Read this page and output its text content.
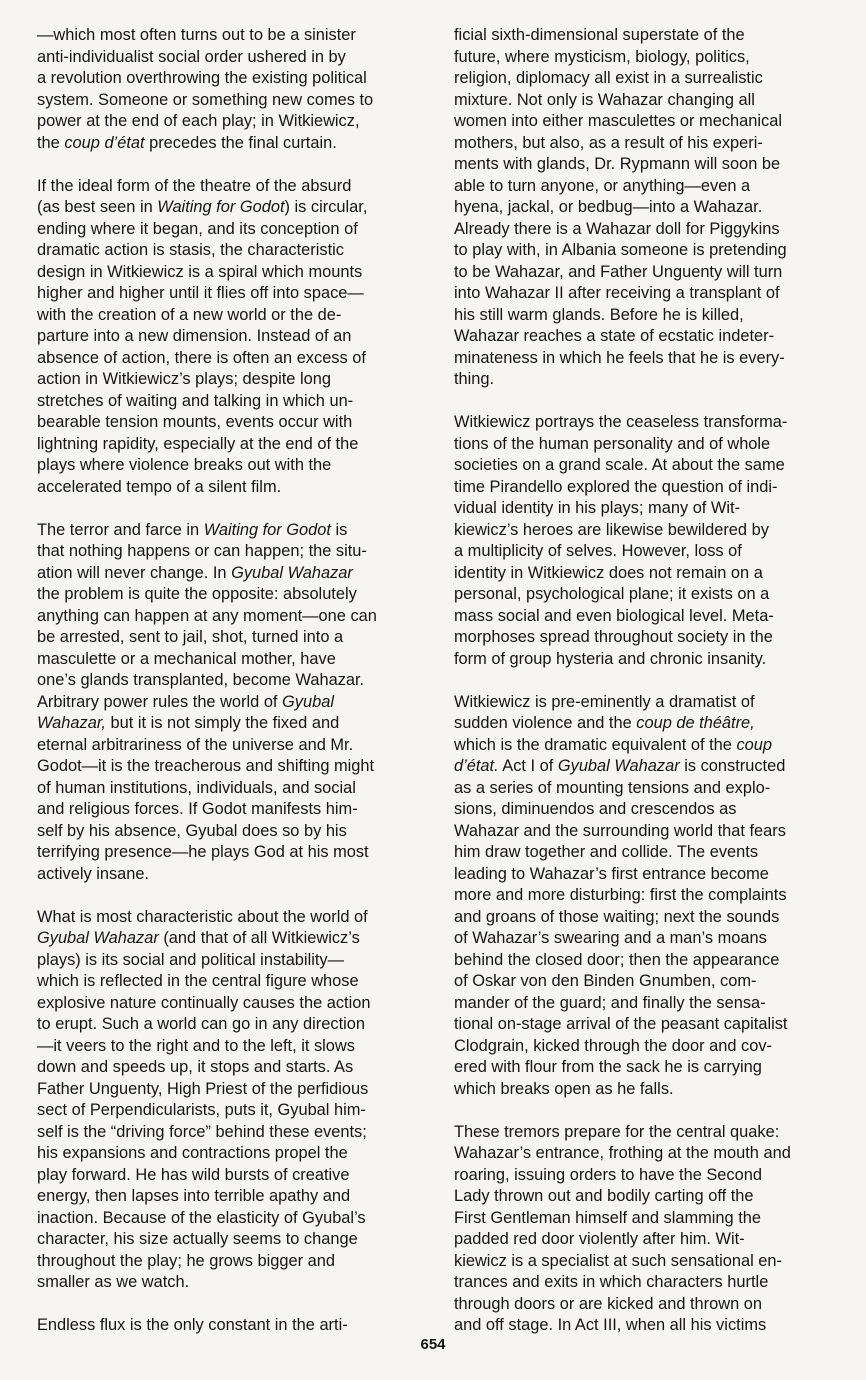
—which most often turns out to be a sinister
anti-individualist social order ushered in by
a revolution overthrowing the existing political
system. Someone or something new comes to
power at the end of each play; in Witkiewicz,
the coup d’état precedes the final curtain.
If the ideal form of the theatre of the absurd
(as best seen in Waiting for Godot) is circular,
ending where it began, and its conception of
dramatic action is stasis, the characteristic
design in Witkiewicz is a spiral which mounts
higher and higher until it flies off into space—
with the creation of a new world or the de-
parture into a new dimension. Instead of an
absence of action, there is often an excess of
action in Witkiewicz’s plays; despite long
stretches of waiting and talking in which un-
bearable tension mounts, events occur with
lightning rapidity, especially at the end of the
plays where violence breaks out with the
accelerated tempo of a silent film.
The terror and farce in Waiting for Godot is
that nothing happens or can happen; the situ-
ation will never change. In Gyubal Wahazar
the problem is quite the opposite: absolutely
anything can happen at any moment—one can
be arrested, sent to jail, shot, turned into a
masculette or a mechanical mother, have
one’s glands transplanted, become Wahazar.
Arbitrary power rules the world of Gyubal
Wahazar, but it is not simply the fixed and
eternal arbitrariness of the universe and Mr.
Godot—it is the treacherous and shifting might
of human institutions, individuals, and social
and religious forces. If Godot manifests him-
self by his absence, Gyubal does so by his
terrifying presence—he plays God at his most
actively insane.
What is most characteristic about the world of
Gyubal Wahazar (and that of all Witkiewicz’s
plays) is its social and political instability—
which is reflected in the central figure whose
explosive nature continually causes the action
to erupt. Such a world can go in any direction
—it veers to the right and to the left, it slows
down and speeds up, it stops and starts. As
Father Unguenty, High Priest of the perfidious
sect of Perpendicularists, puts it, Gyubal him-
self is the “driving force” behind these events;
his expansions and contractions propel the
play forward. He has wild bursts of creative
energy, then lapses into terrible apathy and
inaction. Because of the elasticity of Gyubal’s
character, his size actually seems to change
throughout the play; he grows bigger and
smaller as we watch.
Endless flux is the only constant in the arti-
ficial sixth-dimensional superstate of the
future, where mysticism, biology, politics,
religion, diplomacy all exist in a surrealistic
mixture. Not only is Wahazar changing all
women into either masculettes or mechanical
mothers, but also, as a result of his experi-
ments with glands, Dr. Rypmann will soon be
able to turn anyone, or anything—even a
hyena, jackal, or bedbug—into a Wahazar.
Already there is a Wahazar doll for Piggykins
to play with, in Albania someone is pretending
to be Wahazar, and Father Unguenty will turn
into Wahazar II after receiving a transplant of
his still warm glands. Before he is killed,
Wahazar reaches a state of ecstatic indeter-
minateness in which he feels that he is every-
thing.
Witkiewicz portrays the ceaseless transforma-
tions of the human personality and of whole
societies on a grand scale. At about the same
time Pirandello explored the question of indi-
vidual identity in his plays; many of Wit-
kiewicz’s heroes are likewise bewildered by
a multiplicity of selves. However, loss of
identity in Witkiewicz does not remain on a
personal, psychological plane; it exists on a
mass social and even biological level. Meta-
morphoses spread throughout society in the
form of group hysteria and chronic insanity.
Witkiewicz is pre-eminently a dramatist of
sudden violence and the coup de théâtre,
which is the dramatic equivalent of the coup
d’état. Act I of Gyubal Wahazar is constructed
as a series of mounting tensions and explo-
sions, diminuendos and crescendos as
Wahazar and the surrounding world that fears
him draw together and collide. The events
leading to Wahazar’s first entrance become
more and more disturbing: first the complaints
and groans of those waiting; next the sounds
of Wahazar’s swearing and a man’s moans
behind the closed door; then the appearance
of Oskar von den Binden Gnumben, com-
mander of the guard; and finally the sensa-
tional on-stage arrival of the peasant capitalist
Clodgrain, kicked through the door and cov-
ered with flour from the sack he is carrying
which breaks open as he falls.
These tremors prepare for the central quake:
Wahazar’s entrance, frothing at the mouth and
roaring, issuing orders to have the Second
Lady thrown out and bodily carting off the
First Gentleman himself and slamming the
padded red door violently after him. Wit-
kiewicz is a specialist at such sensational en-
trances and exits in which characters hurtle
through doors or are kicked and thrown on
and off stage. In Act III, when all his victims
654
